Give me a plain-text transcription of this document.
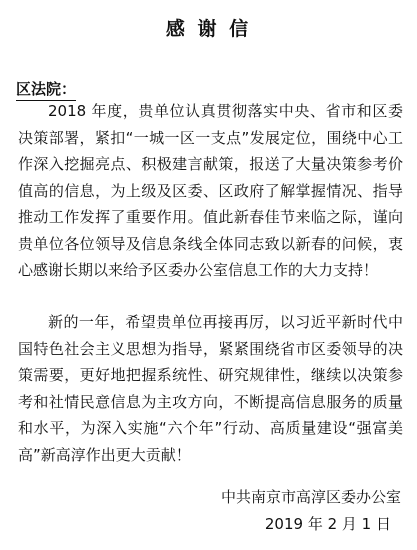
感 谢 信
区法院：

2018 年度，贵单位认真贯彻落实中央、省市和区委决策部署，紧扣“一城一区一支点”发展定位，围绕中心工作深入挖掘亮点、积极建言献策，报送了大量决策参考价值高的信息，为上级及区委、区政府了解掌握情况、指导推动工作发挥了重要作用。值此新春佳节来临之际，谨向贵单位各位领导及信息条线全体同志致以新春的问候，衷心感谢长期以来给予区委办公室信息工作的大力支持！

新的一年，希望贵单位再接再厉，以习近平新时代中国特色社会主义思想为指导，紧紧围绕省市区委领导的决策需要，更好地把握系统性、研究规律性，继续以决策参考和社情民意信息为主攻方向，不断提高信息服务的质量和水平，为深入实施“六个年”行动、高质量建设“强富美高”新高淳作出更大贡献！

中共南京市高淳区委办公室
2019 年 2 月 1 日
